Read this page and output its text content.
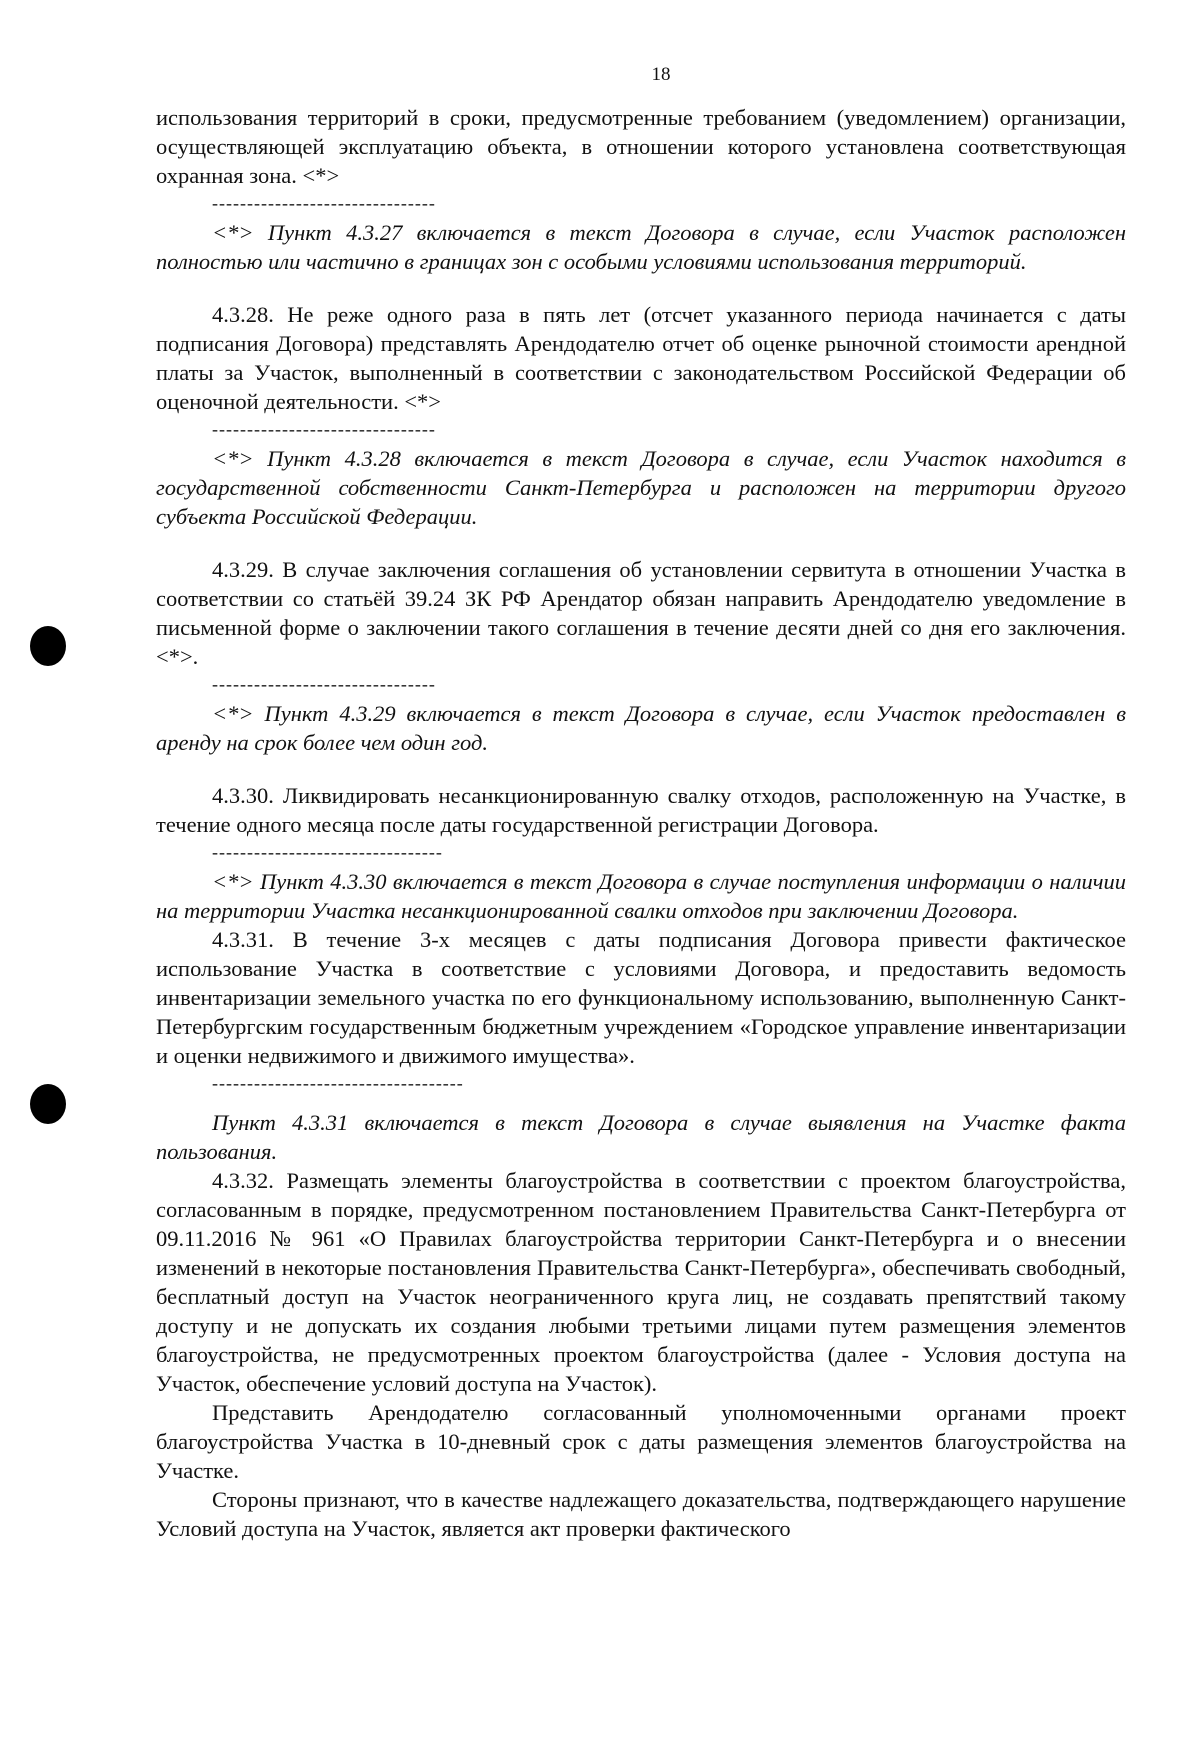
18

использования территорий в сроки, предусмотренные требованием (уведомлением) организации, осуществляющей эксплуатацию объекта, в отношении которого установлена соответствующая охранная зона. <*>

--------------------------------

<*> Пункт 4.3.27 включается в текст Договора в случае, если Участок расположен полностью или частично в границах зон с особыми условиями использования территорий.

4.3.28. Не реже одного раза в пять лет (отсчет указанного периода начинается с даты подписания Договора) представлять Арендодателю отчет об оценке рыночной стоимости арендной платы за Участок, выполненный в соответствии с законодательством Российской Федерации об оценочной деятельности. <*>

--------------------------------

<*> Пункт 4.3.28 включается в текст Договора в случае, если Участок находится в государственной собственности Санкт-Петербурга и расположен на территории другого субъекта Российской Федерации.

4.3.29. В случае заключения соглашения об установлении сервитута в отношении Участка в соответствии со статьёй 39.24 ЗК РФ Арендатор обязан направить Арендодателю уведомление в письменной форме о заключении такого соглашения в течение десяти дней со дня его заключения. <*>.

--------------------------------

<*> Пункт 4.3.29 включается в текст Договора в случае, если Участок предоставлен в аренду на срок более чем один год.

4.3.30. Ликвидировать несанкционированную свалку отходов, расположенную на Участке, в течение одного месяца после даты государственной регистрации Договора.

---------------------------------

<*> Пункт 4.3.30 включается в текст Договора в случае поступления информации о наличии на территории Участка несанкционированной свалки отходов при заключении Договора.

4.3.31. В течение 3-х месяцев с даты подписания Договора привести фактическое использование Участка в соответствие с условиями Договора, и предоставить ведомость инвентаризации земельного участка по его функциональному использованию, выполненную Санкт-Петербургским государственным бюджетным учреждением «Городское управление инвентаризации и оценки недвижимого и движимого имущества».

------------------------------------

Пункт 4.3.31 включается в текст Договора в случае выявления на Участке факта пользования.

4.3.32. Размещать элементы благоустройства в соответствии с проектом благоустройства, согласованным в порядке, предусмотренном постановлением Правительства Санкт-Петербурга от 09.11.2016 № 961 «О Правилах благоустройства территории Санкт-Петербурга и о внесении изменений в некоторые постановления Правительства Санкт-Петербурга», обеспечивать свободный, бесплатный доступ на Участок неограниченного круга лиц, не создавать препятствий такому доступу и не допускать их создания любыми третьими лицами путем размещения элементов благоустройства, не предусмотренных проектом благоустройства (далее - Условия доступа на Участок, обеспечение условий доступа на Участок).

Представить Арендодателю согласованный уполномоченными органами проект благоустройства Участка в 10-дневный срок с даты размещения элементов благоустройства на Участке.

Стороны признают, что в качестве надлежащего доказательства, подтверждающего нарушение Условий доступа на Участок, является акт проверки фактического
